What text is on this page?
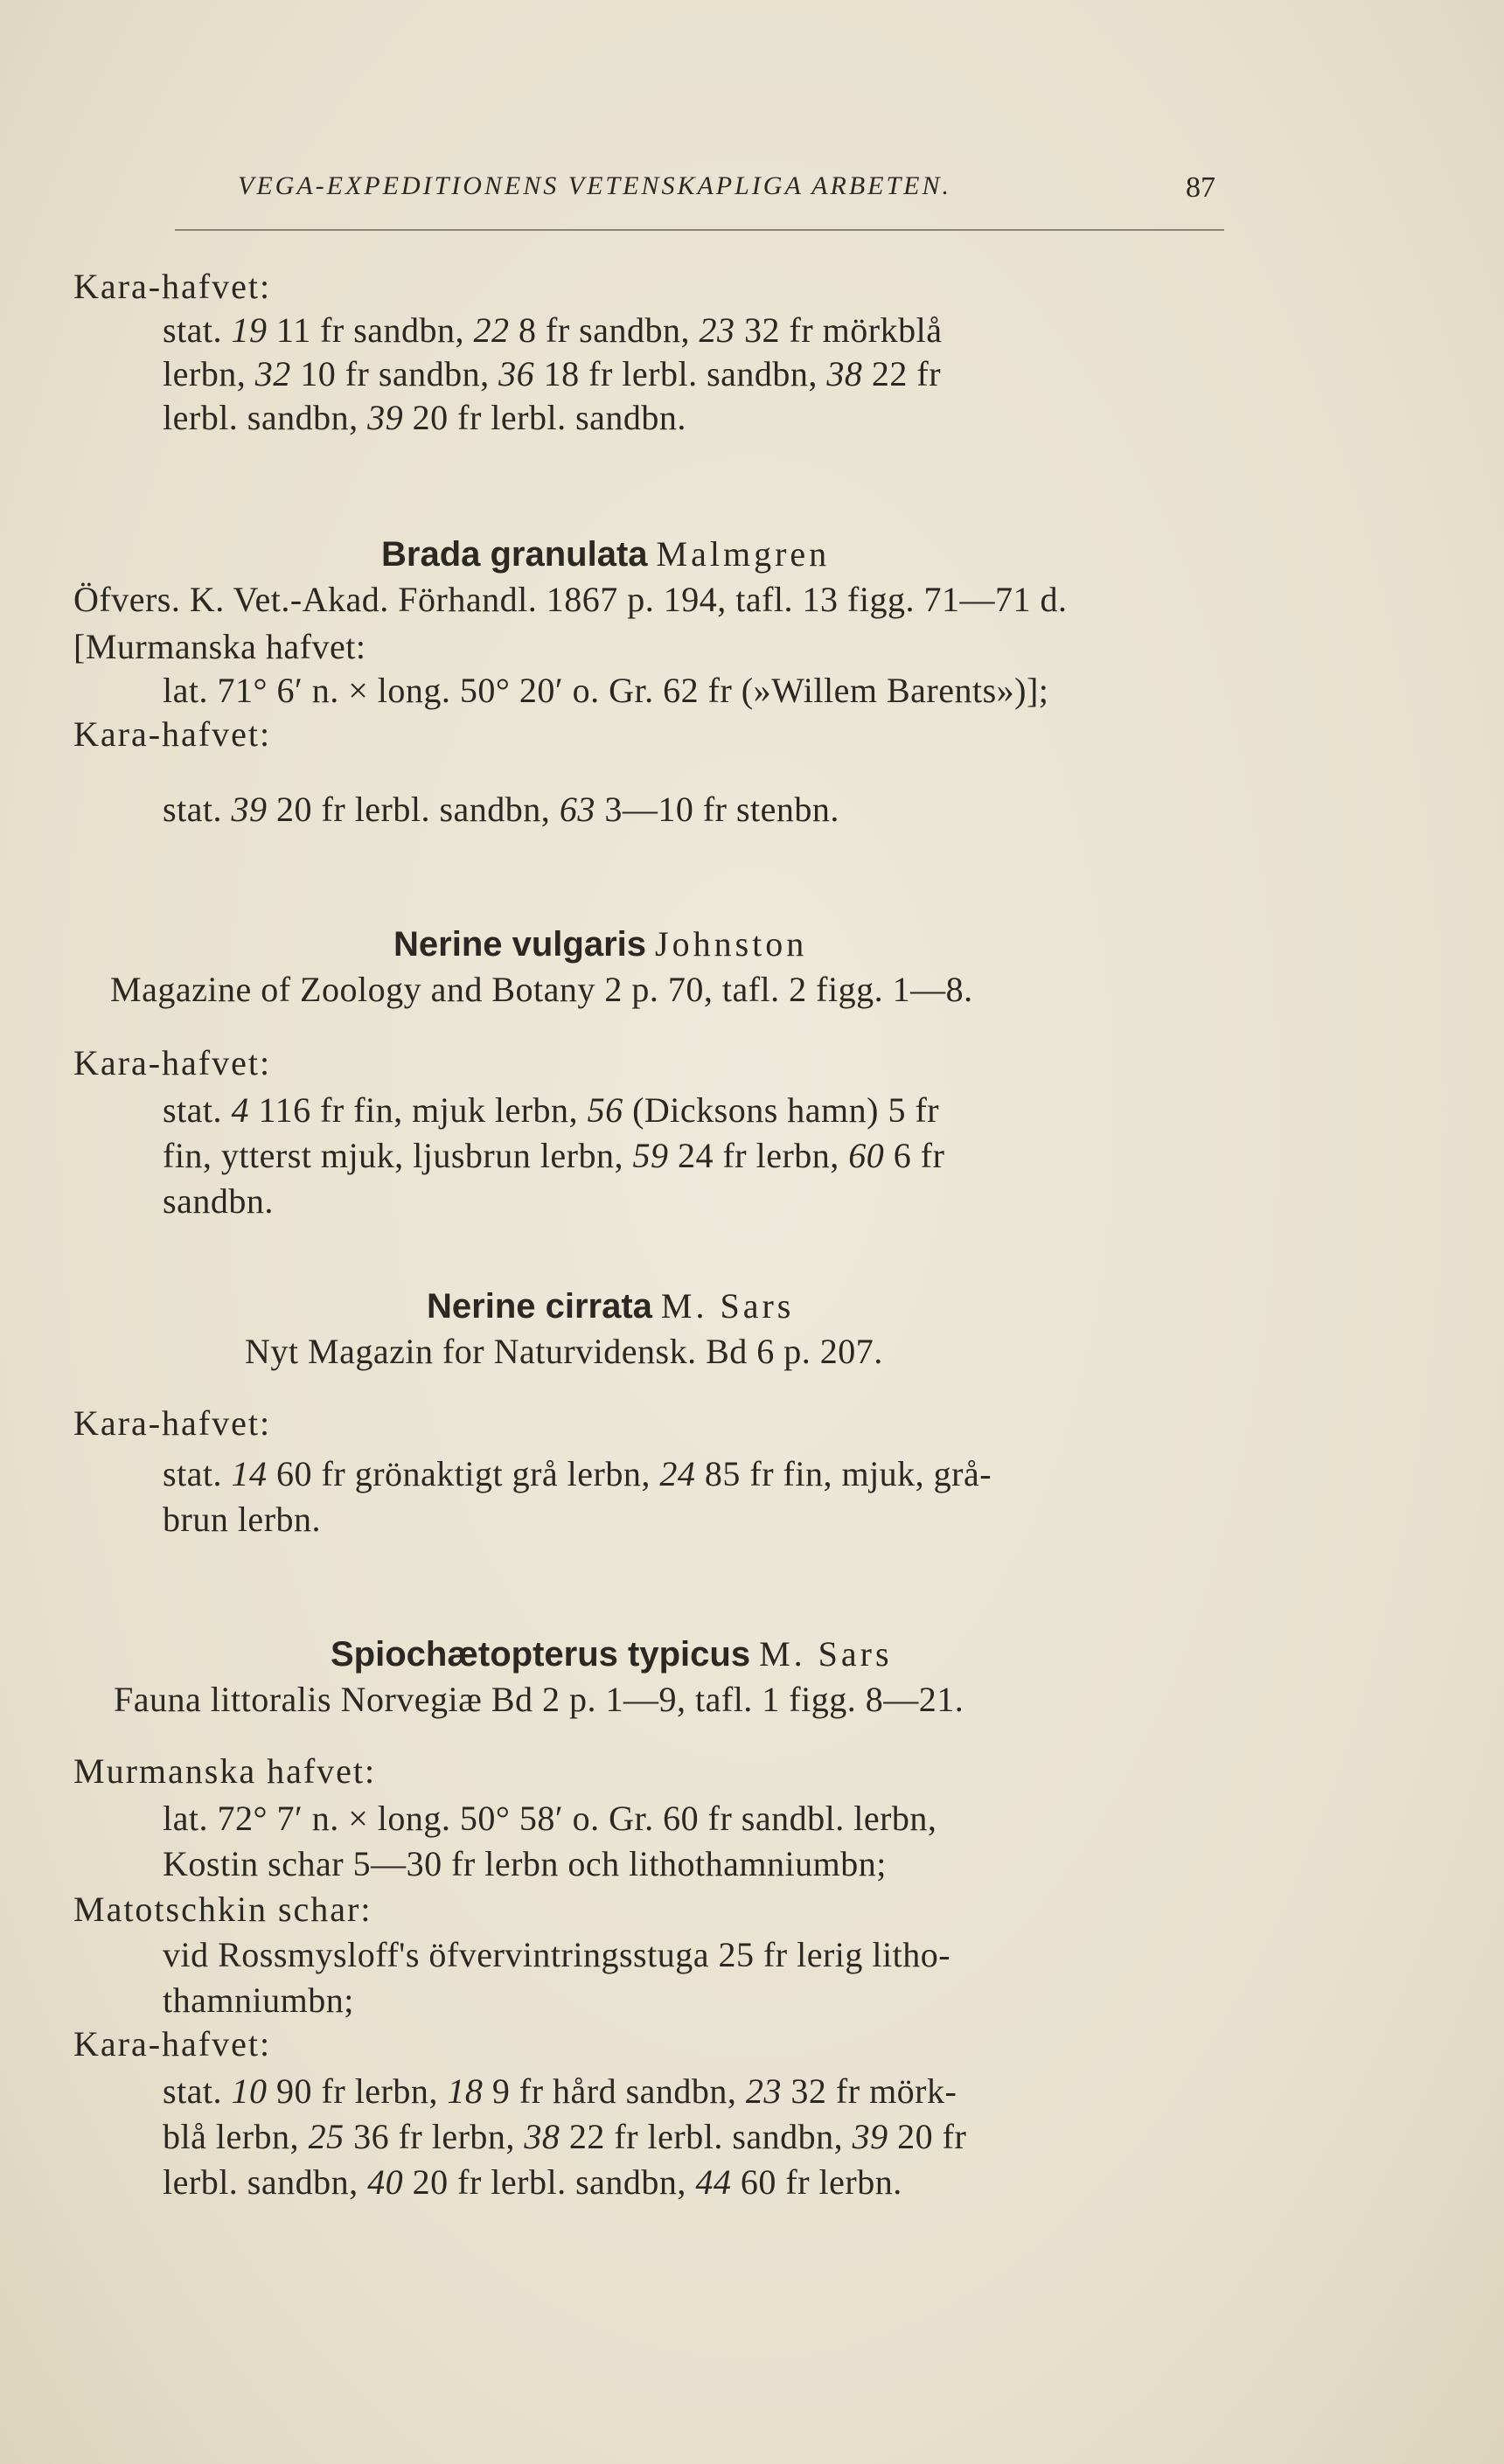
VEGA-EXPEDITIONENS VETENSKAPLIGA ARBETEN.	87
Kara-hafvet:
stat. 19 11 fr sandbn, 22 8 fr sandbn, 23 32 fr mörkblå
lerbn, 32 10 fr sandbn, 36 18 fr lerbl. sandbn, 38 22 fr
lerbl. sandbn, 39 20 fr lerbl. sandbn.
Brada granulata Malmgren
Öfvers. K. Vet.-Akad. Förhandl. 1867 p. 194, tafl. 13 figg. 71—71 d.
[Murmanska hafvet:
lat. 71° 6′ n. × long. 50° 20′ o. Gr. 62 fr (»Willem Barents»)];
Kara-hafvet:
stat. 39 20 fr lerbl. sandbn, 63 3—10 fr stenbn.
Nerine vulgaris Johnston
Magazine of Zoology and Botany 2 p. 70, tafl. 2 figg. 1—8.
Kara-hafvet:
stat. 4 116 fr fin, mjuk lerbn, 56 (Dicksons hamn) 5 fr
fin, ytterst mjuk, ljusbrun lerbn, 59 24 fr lerbn, 60 6 fr
sandbn.
Nerine cirrata M. Sars
Nyt Magazin for Naturvidensk. Bd 6 p. 207.
Kara-hafvet:
stat. 14 60 fr grönaktigt grå lerbn, 24 85 fr fin, mjuk, grå-
brun lerbn.
Spiochætopterus typicus M. Sars
Fauna littoralis Norvegiæ Bd 2 p. 1—9, tafl. 1 figg. 8—21.
Murmanska hafvet:
lat. 72° 7′ n. × long. 50° 58′ o. Gr. 60 fr sandbl. lerbn,
Kostin schar 5—30 fr lerbn och lithothamniumbn;
Matotschkin schar:
vid Rossmysloff's öfvervintringsstuga 25 fr lerig litho-
thamniumbn;
Kara-hafvet:
stat. 10 90 fr lerbn, 18 9 fr hård sandbn, 23 32 fr mörk-
blå lerbn, 25 36 fr lerbn, 38 22 fr lerbl. sandbn, 39 20 fr
lerbl. sandbn, 40 20 fr lerbl. sandbn, 44 60 fr lerbn.
